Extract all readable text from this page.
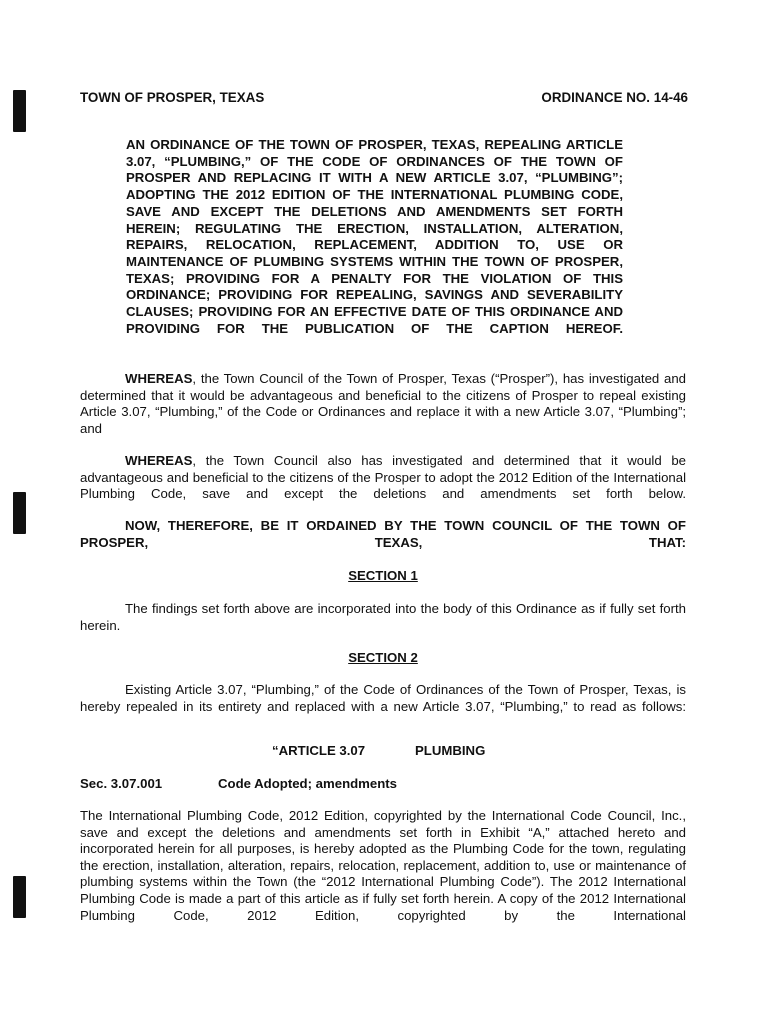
TOWN OF PROSPER, TEXAS	ORDINANCE NO. 14-46
AN ORDINANCE OF THE TOWN OF PROSPER, TEXAS, REPEALING ARTICLE 3.07, “PLUMBING,” OF THE CODE OF ORDINANCES OF THE TOWN OF PROSPER AND REPLACING IT WITH A NEW ARTICLE 3.07, “PLUMBING”; ADOPTING THE 2012 EDITION OF THE INTERNATIONAL PLUMBING CODE, SAVE AND EXCEPT THE DELETIONS AND AMENDMENTS SET FORTH HEREIN; REGULATING THE ERECTION, INSTALLATION, ALTERATION, REPAIRS, RELOCATION, REPLACEMENT, ADDITION TO, USE OR MAINTENANCE OF PLUMBING SYSTEMS WITHIN THE TOWN OF PROSPER, TEXAS; PROVIDING FOR A PENALTY FOR THE VIOLATION OF THIS ORDINANCE; PROVIDING FOR REPEALING, SAVINGS AND SEVERABILITY CLAUSES; PROVIDING FOR AN EFFECTIVE DATE OF THIS ORDINANCE AND PROVIDING FOR THE PUBLICATION OF THE CAPTION HEREOF.
WHEREAS, the Town Council of the Town of Prosper, Texas (“Prosper”), has investigated and determined that it would be advantageous and beneficial to the citizens of Prosper to repeal existing Article 3.07, “Plumbing,” of the Code or Ordinances and replace it with a new Article 3.07, “Plumbing”; and
WHEREAS, the Town Council also has investigated and determined that it would be advantageous and beneficial to the citizens of the Prosper to adopt the 2012 Edition of the International Plumbing Code, save and except the deletions and amendments set forth below.
NOW, THEREFORE, BE IT ORDAINED BY THE TOWN COUNCIL OF THE TOWN OF PROSPER, TEXAS, THAT:
SECTION 1
The findings set forth above are incorporated into the body of this Ordinance as if fully set forth herein.
SECTION 2
Existing Article 3.07, “Plumbing,” of the Code of Ordinances of the Town of Prosper, Texas, is hereby repealed in its entirety and replaced with a new Article 3.07, “Plumbing,” to read as follows:
“ARTICLE 3.07	PLUMBING
Sec. 3.07.001	Code Adopted; amendments
The International Plumbing Code, 2012 Edition, copyrighted by the International Code Council, Inc., save and except the deletions and amendments set forth in Exhibit “A,” attached hereto and incorporated herein for all purposes, is hereby adopted as the Plumbing Code for the town, regulating the erection, installation, alteration, repairs, relocation, replacement, addition to, use or maintenance of plumbing systems within the Town (the “2012 International Plumbing Code”). The 2012 International Plumbing Code is made a part of this article as if fully set forth herein. A copy of the 2012 International Plumbing Code, 2012 Edition, copyrighted by the International
